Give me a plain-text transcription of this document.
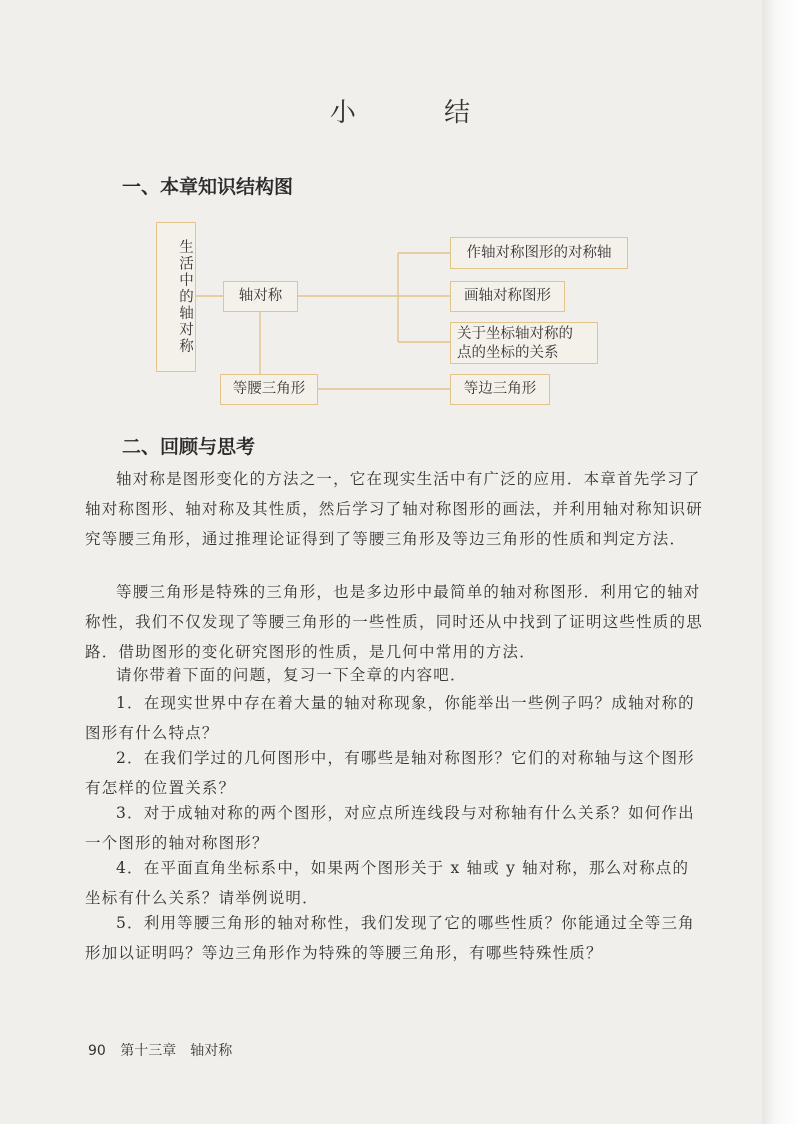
小 结
一、本章知识结构图
生活中的轴对称	轴对称
等腰三角形
作轴对称图形的对称轴
画轴对称图形
关于坐标轴对称的
点的坐标的关系
等边三角形
二、回顾与思考

轴对称是图形变化的方法之一，它在现实生活中有广泛的应用．本章首先学习了轴对称图形、轴对称及其性质，然后学习了轴对称图形的画法，并利用轴对称知识研究等腰三角形，通过推理论证得到了等腰三角形及等边三角形的性质和判定方法．

等腰三角形是特殊的三角形，也是多边形中最简单的轴对称图形．利用它的轴对称性，我们不仅发现了等腰三角形的一些性质，同时还从中找到了证明这些性质的思路．借助图形的变化研究图形的性质，是几何中常用的方法．

请你带着下面的问题，复习一下全章的内容吧．

1．在现实世界中存在着大量的轴对称现象，你能举出一些例子吗？成轴对称的图形有什么特点？

2．在我们学过的几何图形中，有哪些是轴对称图形？它们的对称轴与这个图形有怎样的位置关系？

3．对于成轴对称的两个图形，对应点所连线段与对称轴有什么关系？如何作出一个图形的轴对称图形？

4．在平面直角坐标系中，如果两个图形关于 x 轴或 y 轴对称，那么对称点的坐标有什么关系？请举例说明．

5．利用等腰三角形的轴对称性，我们发现了它的哪些性质？你能通过全等三角形加以证明吗？等边三角形作为特殊的等腰三角形，有哪些特殊性质？

90 第十三章　轴对称
